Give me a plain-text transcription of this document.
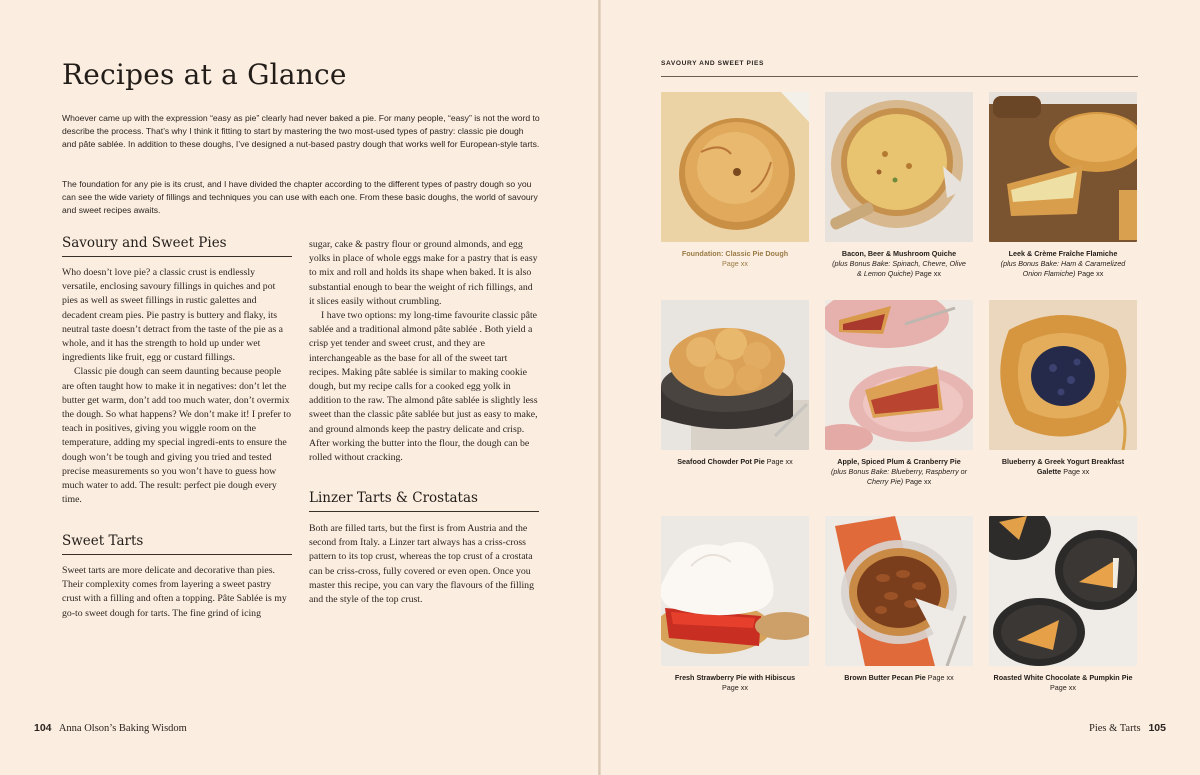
Recipes at a Glance

Whoever came up with the expression “easy as pie” clearly had never baked a pie. For many people, “easy” is not the word to describe the process. That’s why I think it fitting to start by mastering the two most-used types of pastry: classic pie dough and pâte sablée. In addition to these doughs, I’ve designed a nut-based pastry dough that works well for European-style tarts.

The foundation for any pie is its crust, and I have divided the chapter according to the different types of pastry dough so you can see the wide variety of fillings and techniques you can use with each one. From these basic doughs, the world of savoury and sweet recipes awaits.

Savoury and Sweet Pies

Who doesn’t love pie? a classic crust is endlessly versatile, enclosing savoury fillings in quiches and pot pies as well as sweet fillings in rustic galettes and decadent cream pies. Pie pastry is buttery and flaky, its neutral taste doesn’t detract from the taste of the pie as a whole, and it has the strength to hold up under wet ingredients like fruit, egg or custard fillings.

Classic pie dough can seem daunting because people are often taught how to make it in negatives: don’t let the butter get warm, don’t add too much water, don’t overmix the dough. So what happens? We don’t make it! I prefer to teach in positives, giving you wiggle room on the temperature, adding my special ingredi-ents to ensure the dough won’t be tough and giving you tried and tested precise measurements so you won’t have to guess how much water to add. The result: perfect pie dough every time.

Sweet Tarts

Sweet tarts are more delicate and decorative than pies. Their complexity comes from layering a sweet pastry crust with a filling and often a topping. Pâte Sablée is my go-to sweet dough for tarts. The fine grind of icing

sugar, cake & pastry flour or ground almonds, and egg yolks in place of whole eggs make for a pastry that is easy to mix and roll and holds its shape when baked. It is also substantial enough to bear the weight of rich fillings, and it slices easily without crumbling.

I have two options: my long-time favourite classic pâte sablée and a traditional almond pâte sablée . Both yield a crisp yet tender and sweet crust, and they are interchangeable as the base for all of the sweet tart recipes. Making pâte sablée is similar to making cookie dough, but my recipe calls for a cooked egg yolk in addition to the raw. The almond pâte sablée is slightly less sweet than the classic pâte sablée but just as easy to make, and ground almonds keep the pastry delicate and crisp. After working the butter into the flour, the dough can be rolled without cracking.

Linzer Tarts & Crostatas

Both are filled tarts, but the first is from Austria and the second from Italy. a Linzer tart always has a criss-cross pattern to its top crust, whereas the top crust of a crostata can be criss-cross, fully covered or even open. Once you master this recipe, you can vary the flavours of the filling and the style of the top crust.

104 Anna Olson’s Baking Wisdom
SAVOURY AND SWEET PIES
Foundation: Classic Pie Dough
Page xx
Bacon, Beer & Mushroom Quiche
(plus Bonus Bake: Spinach, Chevre, Olive & Lemon Quiche) Page xx
Leek & Crème Fraîche Flamiche
(plus Bonus Bake: Ham & Caramelized Onion Flamiche) Page xx
Seafood Chowder Pot Pie Page xx	Apple, Spiced Plum & Cranberry Pie
(plus Bonus Bake: Blueberry, Raspberry or Cherry Pie) Page xx
Blueberry & Greek Yogurt Breakfast Galette Page xx
Fresh Strawberry Pie with Hibiscus
Page xx
Brown Butter Pecan Pie Page xx	Roasted White Chocolate & Pumpkin Pie Page xx
Pies & Tarts 105
